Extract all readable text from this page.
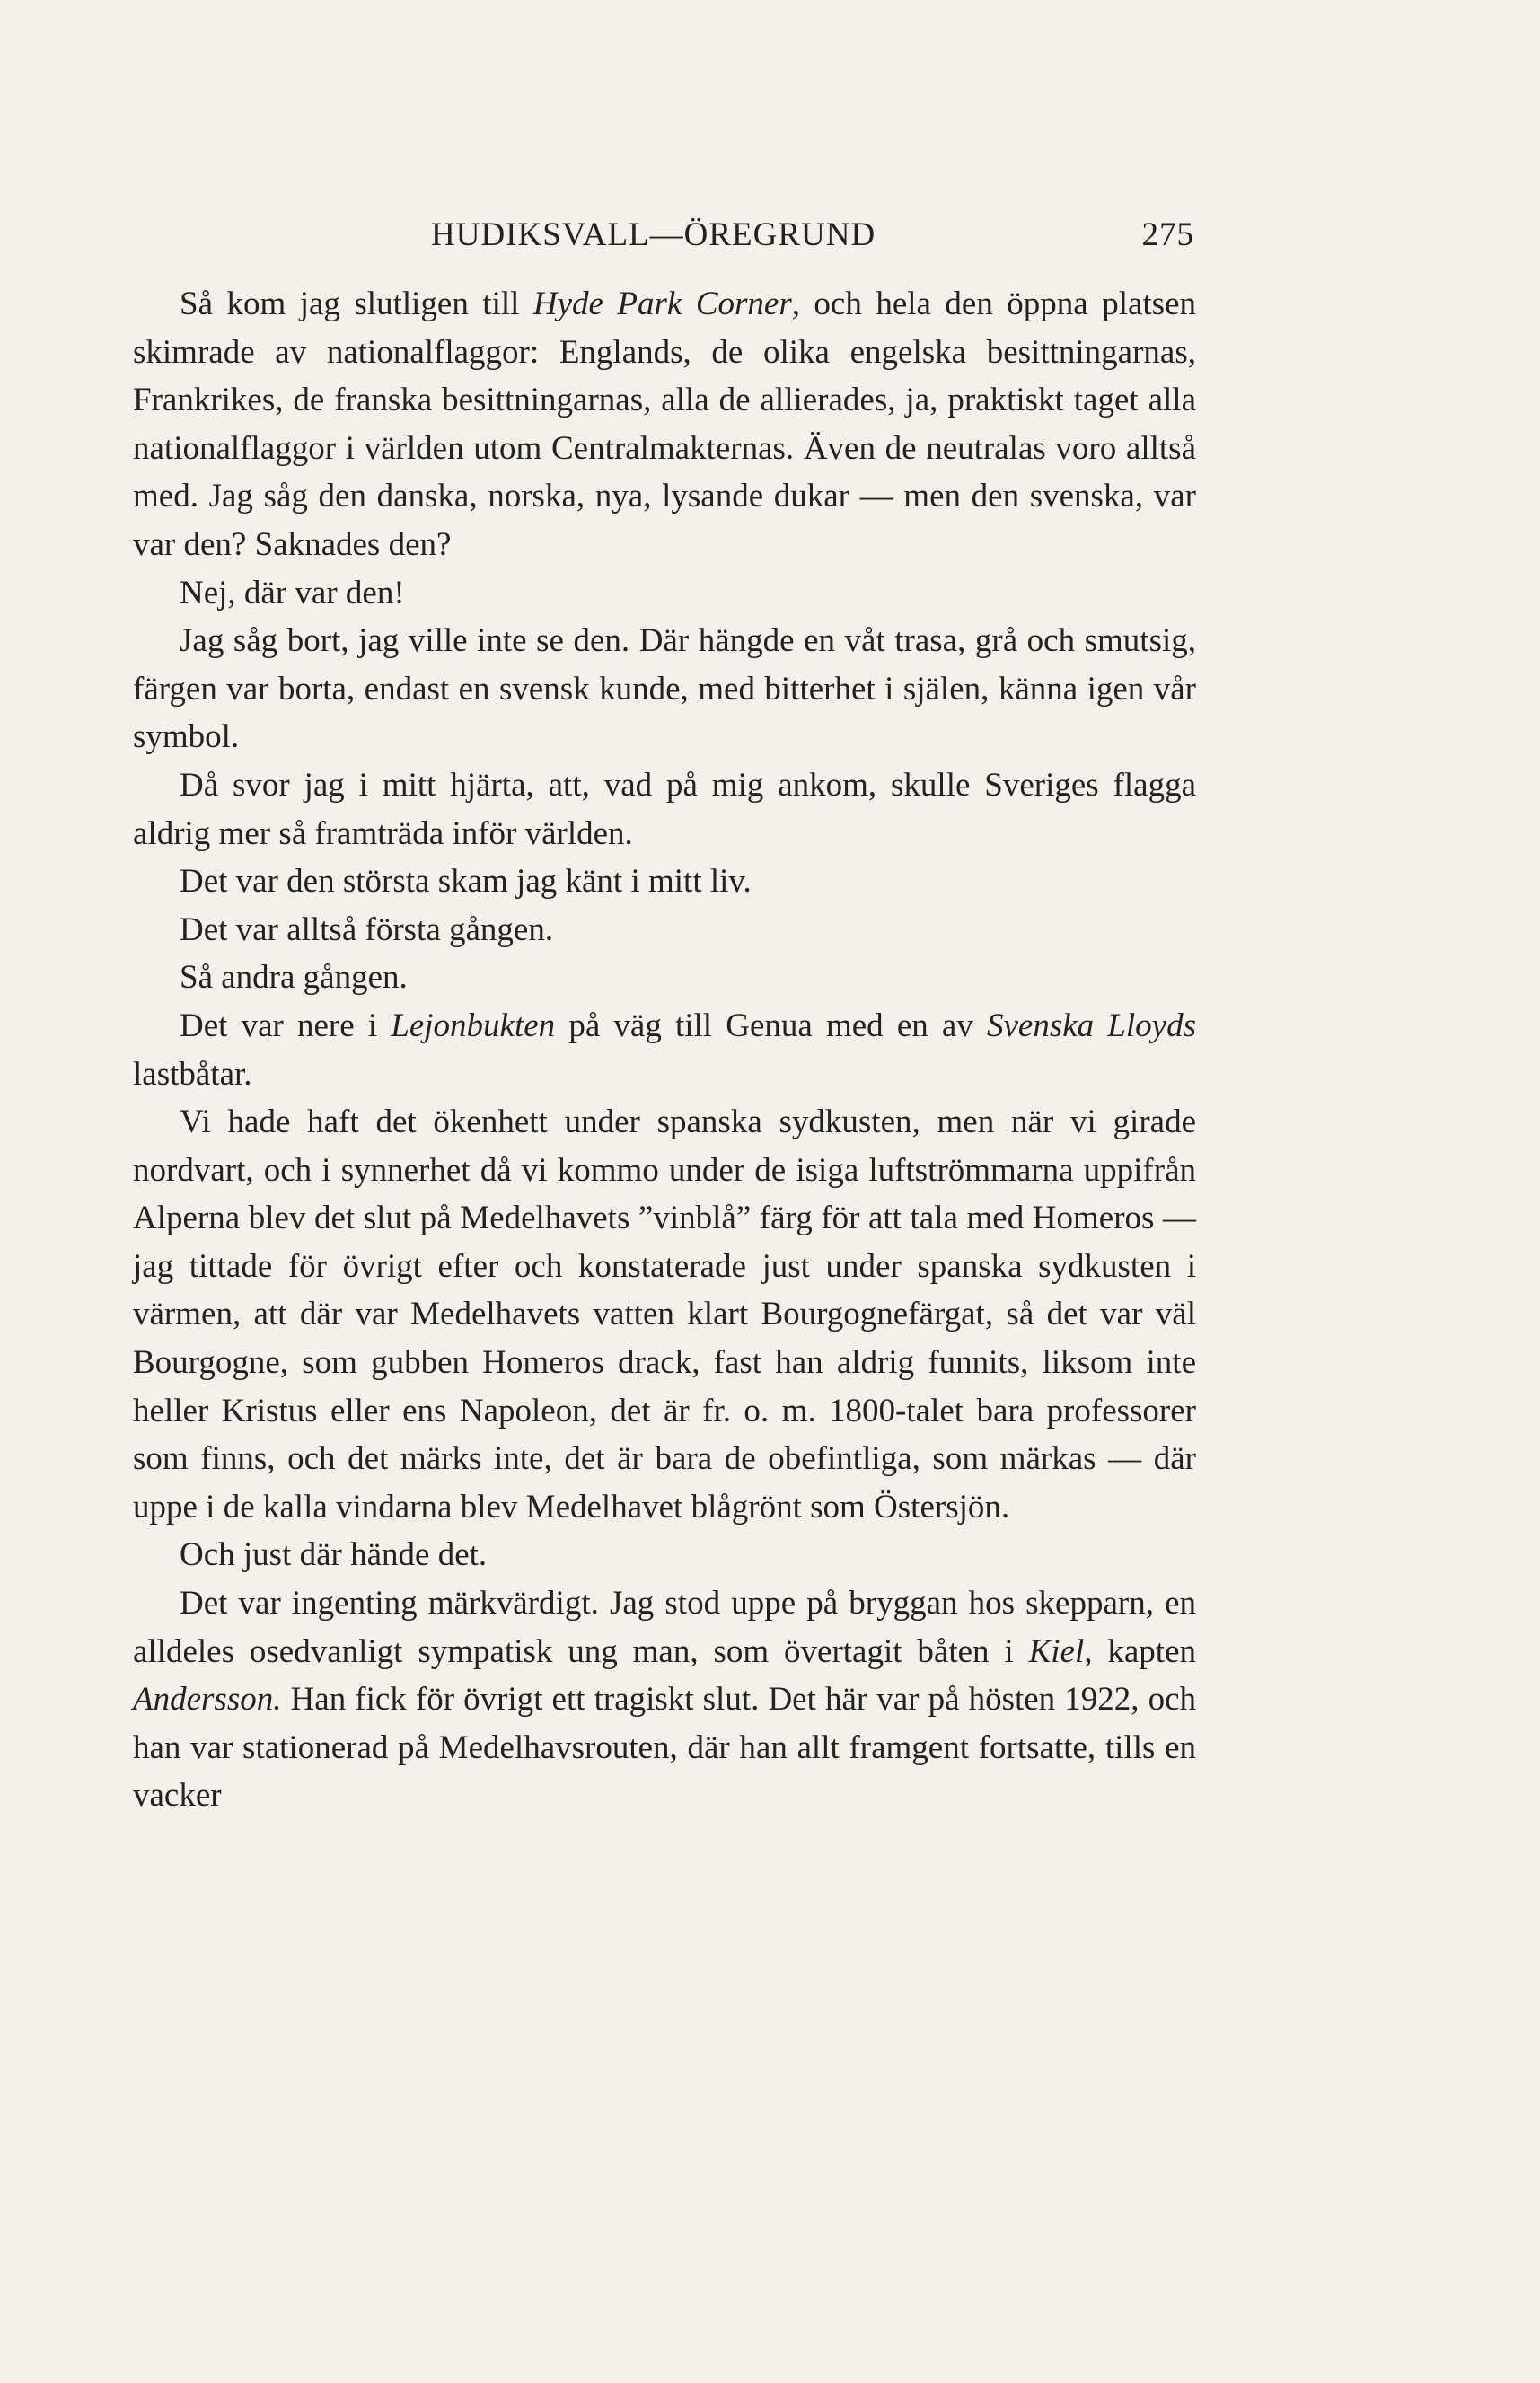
HUDIKSVALL—ÖREGRUND	275

Så kom jag slutligen till Hyde Park Corner, och hela den öppna platsen skimrade av nationalflaggor: Englands, de olika engelska besittningarnas, Frankrikes, de franska besittningarnas, alla de allierades, ja, praktiskt taget alla nationalflaggor i världen utom Centralmakternas. Även de neutralas voro alltså med. Jag såg den danska, norska, nya, lysande dukar — men den svenska, var var den? Saknades den?

Nej, där var den!

Jag såg bort, jag ville inte se den. Där hängde en våt trasa, grå och smutsig, färgen var borta, endast en svensk kunde, med bitterhet i själen, känna igen vår symbol.

Då svor jag i mitt hjärta, att, vad på mig ankom, skulle Sveriges flagga aldrig mer så framträda inför världen.

Det var den största skam jag känt i mitt liv.

Det var alltså första gången.

Så andra gången.

Det var nere i Lejonbukten på väg till Genua med en av Svenska Lloyds lastbåtar.

Vi hade haft det ökenhett under spanska sydkusten, men när vi girade nordvart, och i synnerhet då vi kommo under de isiga luftströmmarna uppifrån Alperna blev det slut på Medelhavets ”vinblå” färg för att tala med Homeros — jag tittade för övrigt efter och konstaterade just under spanska sydkusten i värmen, att där var Medelhavets vatten klart Bourgognefärgat, så det var väl Bourgogne, som gubben Homeros drack, fast han aldrig funnits, liksom inte heller Kristus eller ens Napoleon, det är fr. o. m. 1800-talet bara professorer som finns, och det märks inte, det är bara de obefintliga, som märkas — där uppe i de kalla vindarna blev Medelhavet blågrönt som Östersjön.

Och just där hände det.

Det var ingenting märkvärdigt. Jag stod uppe på bryggan hos skepparn, en alldeles osedvanligt sympatisk ung man, som övertagit båten i Kiel, kapten Andersson. Han fick för övrigt ett tragiskt slut. Det här var på hösten 1922, och han var stationerad på Medelhavsrouten, där han allt framgent fortsatte, tills en vacker
